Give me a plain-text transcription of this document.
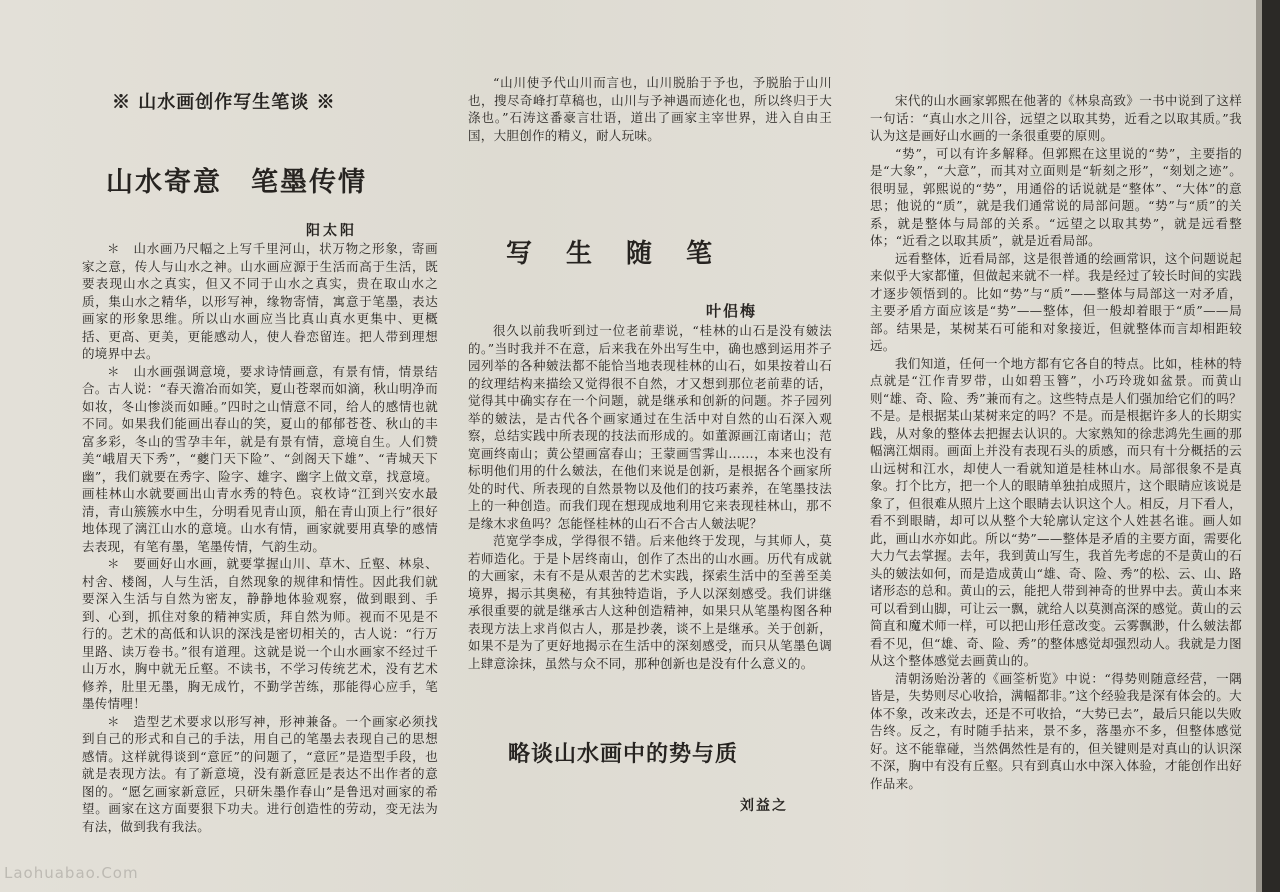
※ 山水画创作写生笔谈 ※
山水寄意　笔墨传情
阳太阳

＊　山水画乃尺幅之上写千里河山，状万物之形象，寄画家之意，传人与山水之神。山水画应源于生活而高于生活，既要表现山水之真实，但又不同于山水之真实，贵在取山水之质，集山水之精华，以形写神，缘物寄情，寓意于笔墨，表达画家的形象思维。所以山水画应当比真山真水更集中、更概括、更高、更美，更能感动人，使人眷恋留连。把人带到理想的境界中去。

＊　山水画强调意境，要求诗情画意，有景有情，情景结合。古人说：“春天澹冶而如笑，夏山苍翠而如滴，秋山明净而如妆，冬山惨淡而如睡。”四时之山情意不同，给人的感情也就不同。如果我们能画出春山的笑，夏山的郁郁苍苍、秋山的丰富多彩，冬山的雪孕丰年，就是有景有情，意境自生。人们赞美“峨眉天下秀”，“夔门天下险”、“剑阁天下雄”、“青城天下幽”，我们就要在秀字、险字、雄字、幽字上做文章，找意境。画桂林山水就要画出山青水秀的特色。哀枚诗“江到兴安水最清，青山簇簇水中生，分明看见青山顶，船在青山顶上行”很好地体现了漓江山水的意境。山水有情，画家就要用真挚的感情去表现，有笔有墨，笔墨传情，气韵生动。

＊　要画好山水画，就要掌握山川、草木、丘壑、林泉、村舍、楼阁，人与生活，自然现象的规律和情性。因此我们就要深入生活与自然为密友，静静地体验观察，做到眼到、手到、心到，抓住对象的精神实质，拜自然为师。视而不见是不行的。艺术的高低和认识的深浅是密切相关的，古人说：“行万里路、读万卷书。”很有道理。这就是说一个山水画家不经过千山万水，胸中就无丘壑。不读书，不学习传统艺术，没有艺术修养，肚里无墨，胸无成竹，不勤学苦练，那能得心应手，笔墨传情哩！

＊　造型艺术要求以形写神，形神兼备。一个画家必须找到自己的形式和自己的手法，用自己的笔墨去表现自己的思想感情。这样就得谈到“意匠”的问题了，“意匠”是造型手段，也就是表现方法。有了新意境，没有新意匠是表达不出作者的意图的。“愿乞画家新意匠，只研朱墨作春山”是鲁迅对画家的希望。画家在这方面要狠下功夫。进行创造性的劳动，变无法为有法，做到我有我法。

“山川使予代山川而言也，山川脱胎于予也，予脱胎于山川也，搜尽奇峰打草稿也，山川与予神遇而迹化也，所以终归于大涤也。”石涛这番豪言壮语，道出了画家主宰世界，进入自由王国，大胆创作的精义，耐人玩味。

写 生 随 笔
叶侣梅

很久以前我听到过一位老前辈说，“桂林的山石是没有皴法的。”当时我并不在意，后来我在外出写生中，确也感到运用芥子园列举的各种皴法都不能恰当地表现桂林的山石，如果按着山石的纹理结构来描绘又觉得很不自然，才又想到那位老前辈的话，觉得其中确实存在一个问题，就是继承和创新的问题。芥子园列举的皴法，是古代各个画家通过在生活中对自然的山石深入观察，总结实践中所表现的技法而形成的。如董源画江南诸山；范宽画终南山；黄公望画富春山；王蒙画雪霁山……，本来也没有标明他们用的什么皴法，在他们来说是创新，是根据各个画家所处的时代、所表现的自然景物以及他们的技巧素养，在笔墨技法上的一种创造。而我们现在想现成地利用它来表现桂林山，那不是缘木求鱼吗？怎能怪桂林的山石不合古人皴法呢？

范宽学李成，学得很不错。后来他终于发现，与其师人，莫若师造化。于是卜居终南山，创作了杰出的山水画。历代有成就的大画家，未有不是从艰苦的艺术实践，探索生活中的至善至美境界，揭示其奥秘，有其独特造诣，予人以深刻感受。我们讲继承很重要的就是继承古人这种创造精神，如果只从笔墨构图各种表现方法上求肖似古人，那是抄袭，谈不上是继承。关于创新，如果不是为了更好地揭示在生活中的深刻感受，而只从笔墨色调上肆意涂抹，虽然与众不同，那种创新也是没有什么意义的。

略谈山水画中的势与质
刘益之

宋代的山水画家郭熙在他著的《林泉高致》一书中说到了这样一句话：“真山水之川谷，远望之以取其势，近看之以取其质。”我认为这是画好山水画的一条很重要的原则。

“势”，可以有许多解释。但郭熙在这里说的“势”，主要指的是“大象”，“大意”，而其对立面则是“斩刻之形”，“刻划之迹”。很明显，郭熙说的“势”，用通俗的话说就是“整体”、“大体”的意思；他说的“质”，就是我们通常说的局部问题。“势”与“质”的关系，就是整体与局部的关系。“远望之以取其势”，就是远看整体；“近看之以取其质”，就是近看局部。

远看整体，近看局部，这是很普通的绘画常识，这个问题说起来似乎大家都懂，但做起来就不一样。我是经过了较长时间的实践才逐步领悟到的。比如“势”与“质”——整体与局部这一对矛盾，主要矛盾方面应该是“势”——整体，但一般却着眼于“质”——局部。结果是，某树某石可能和对象接近，但就整体而言却相距较远。

我们知道，任何一个地方都有它各自的特点。比如，桂林的特点就是“江作青罗带，山如碧玉簪”，小巧玲珑如盆景。而黄山则“雄、奇、险、秀”兼而有之。这些特点是人们强加给它们的吗？不是。是根据某山某树来定的吗？不是。而是根据许多人的长期实践，从对象的整体去把握去认识的。大家熟知的徐悲鸿先生画的那幅漓江烟雨。画面上并没有表现石头的质感，而只有十分概括的云山远树和江水，却使人一看就知道是桂林山水。局部很象不是真象。打个比方，把一个人的眼睛单独拍成照片，这个眼睛应该说是象了，但很难从照片上这个眼睛去认识这个人。相反，月下看人，看不到眼睛，却可以从整个大轮廓认定这个人姓甚名谁。画人如此，画山水亦如此。所以“势”——整体是矛盾的主要方面，需要化大力气去掌握。去年，我到黄山写生，我首先考虑的不是黄山的石头的皴法如何，而是造成黄山“雄、奇、险、秀”的松、云、山、路诸形态的总和。黄山的云，能把人带到神奇的世界中去。黄山本来可以看到山脚，可让云一飘，就给人以莫测高深的感觉。黄山的云简直和魔术师一样，可以把山形任意改变。云雾飘渺，什么皴法都看不见，但“雄、奇、险、秀”的整体感觉却强烈动人。我就是力图从这个整体感觉去画黄山的。

清朝汤贻汾著的《画筌析览》中说：“得势则随意经营，一隅皆是，失势则尽心收拾，满幅都非。”这个经验我是深有体会的。大体不象，改来改去，还是不可收拾，“大势已去”，最后只能以失败告终。反之，有时随手拈来，景不多，落墨亦不多，但整体感觉好。这不能靠碰，当然偶然性是有的，但关键则是对真山的认识深不深，胸中有没有丘壑。只有到真山水中深入体验，才能创作出好作品来。

Laohuabao.Com
